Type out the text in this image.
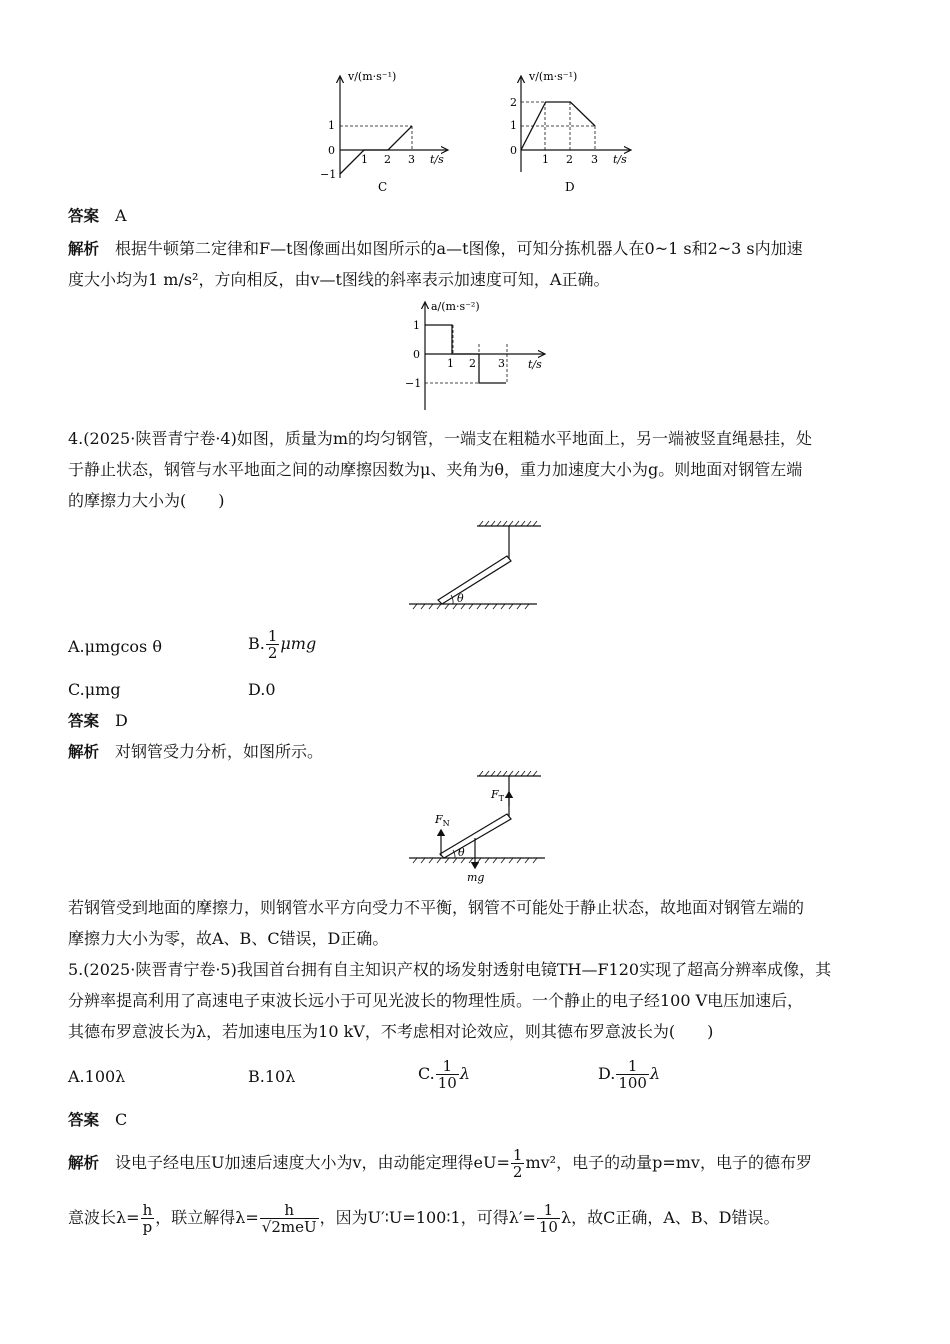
v/(m·s⁻¹)
t/s
1
0
−1
1 2 3
C
v/(m·s⁻¹)
t/s
2
1
0
1 2 3
D
答案 A
解析 根据牛顿第二定律和F—t图像画出如图所示的a—t图像，可知分拣机器人在0~1 s和2~3 s内加速
度大小均为1 m/s²，方向相反，由v—t图线的斜率表示加速度可知，A正确。
a/(m·s⁻²)
t/s
1
0
−1
1 2 3
4.(2025·陕晋青宁卷·4)如图，质量为m的均匀钢管，一端支在粗糙水平地面上，另一端被竖直绳悬挂，处
于静止状态，钢管与水平地面之间的动摩擦因数为μ、夹角为θ，重力加速度大小为g。则地面对钢管左端
的摩擦力大小为(　　)
θ
A.μmgcos θ	B. $\frac{1}{2}$ μmg
C.μmg	D.0
答案 D
解析 对钢管受力分析，如图所示。
$F_T$
$F_N$
mg
θ
若钢管受到地面的摩擦力，则钢管水平方向受力不平衡，钢管不可能处于静止状态，故地面对钢管左端的
摩擦力大小为零，故A、B、C错误，D正确。
5.(2025·陕晋青宁卷·5)我国首台拥有自主知识产权的场发射透射电镜TH—F120实现了超高分辨率成像，其
分辨率提高利用了高速电子束波长远小于可见光波长的物理性质。一个静止的电子经100 V电压加速后，
其德布罗意波长为λ，若加速电压为10 kV，不考虑相对论效应，则其德布罗意波长为(　　)
A.100λ	B.10λ	C. $\frac{1}{10}$ λ	D. $\frac{1}{100}$ λ
答案 C
解析 设电子经电压U加速后速度大小为v，由动能定理得$eU= \frac{1}{2} mv^2$，电子的动量p=mv，电子的德布罗
意波长$\lambda= \frac{h}{p}$ ，联立解得$\lambda= \frac{h}{\text{√2meU}}$ ，因为U′∶U=100∶1，可得$\lambda'= \frac{1}{10}$ λ，故C正确，A、B、D错误。
